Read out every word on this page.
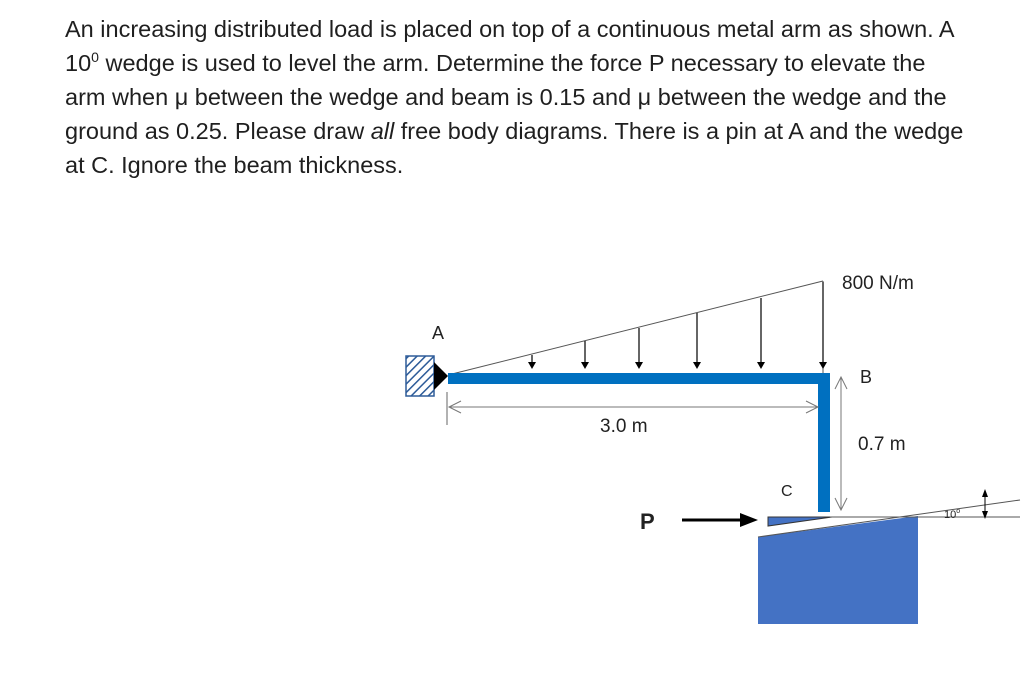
An increasing distributed load is placed on top of a continuous metal arm as shown. A $10^0$ wedge is used to level the arm. Determine the force P necessary to elevate the arm when μ between the wedge and beam is 0.15 and μ between the wedge and the ground as 0.25. Please draw all free body diagrams. There is a pin at A and the wedge at C. Ignore the beam thickness.

800 N/m
A
B
C
P
3.0 m
0.7 m
10$^o$
